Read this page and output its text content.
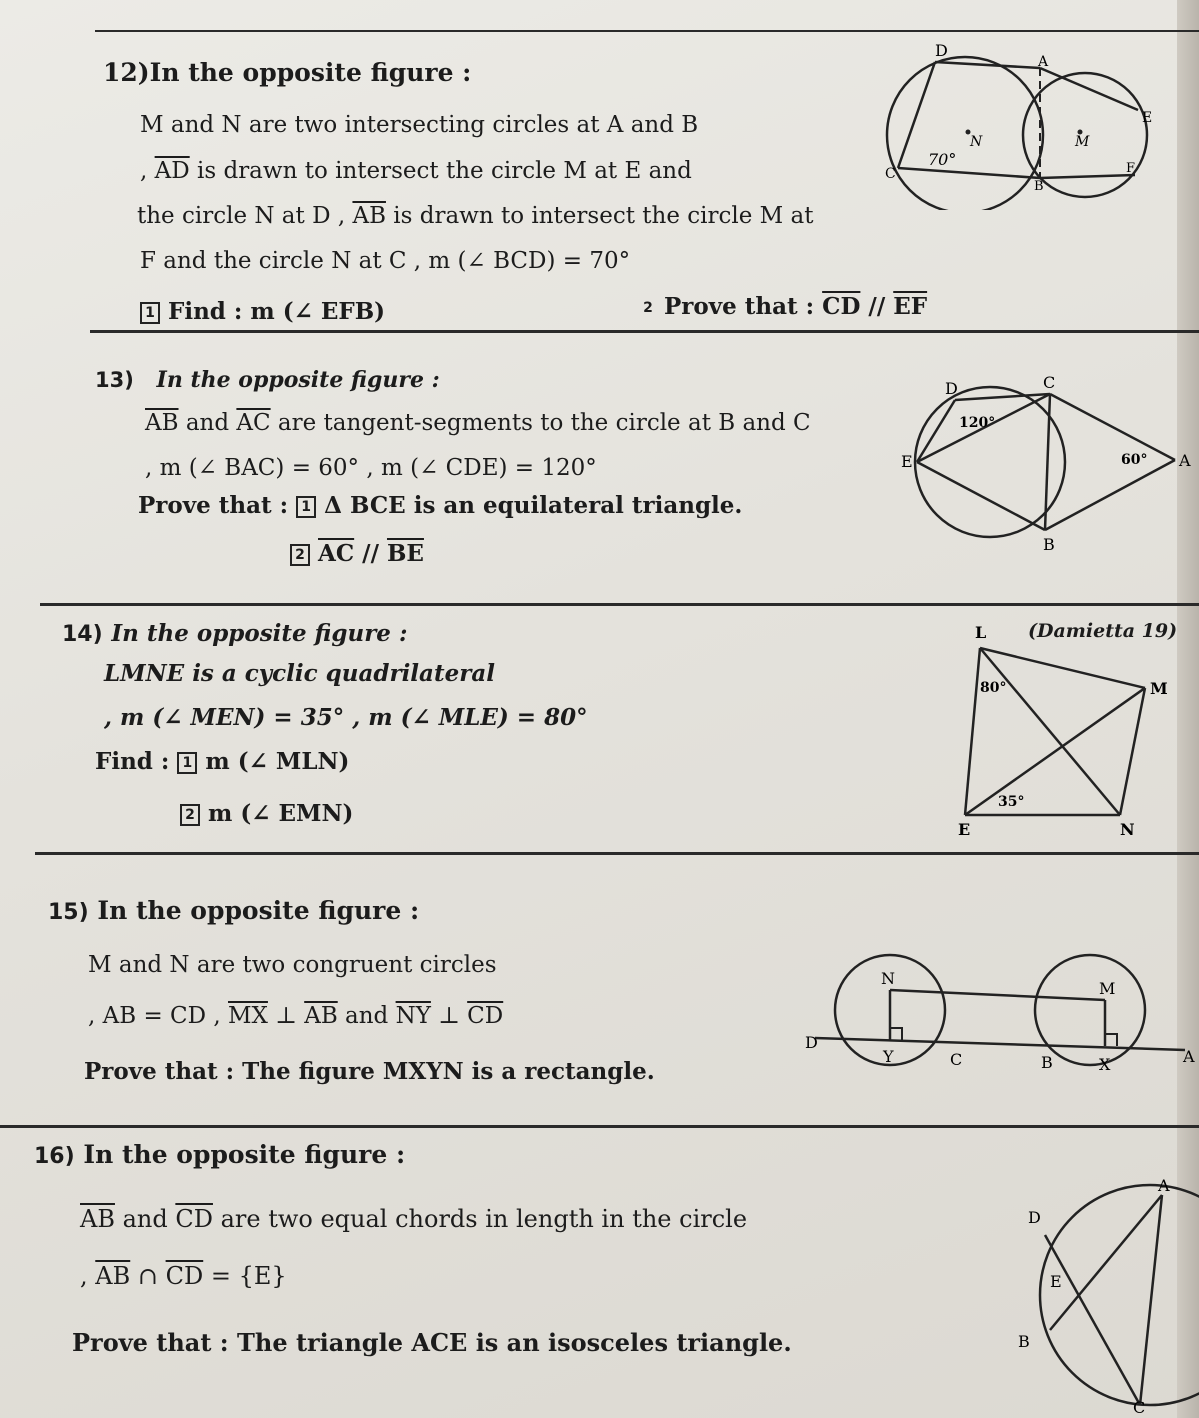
12)In the opposite figure :
M and N are two intersecting circles at A and B
, $\overline{AD}$ is drawn to intersect the circle M at E and
the circle N at D , $\overline{AB}$ is drawn to intersect the circle M at
F and the circle N at C , m (∠ BCD) = 70°
1 Find : m (∠ EFB)	2 Prove that : $\overline{CD} // \overline{EF}$
D
A
E
N	M
C
B
F
70°
13) In the opposite figure :
$\overline{AB}$ and $\overline{AC}$ are tangent-segments to the circle at B and C
, m (∠ BAC) = 60° , m (∠ CDE) = 120°
Prove that : 1 Δ BCE is an equilateral triangle.
2 $\overline{AC} // \overline{BE}$
D	C
E	A
B
120°
60°
14) In the opposite figure :
LMNE is a cyclic quadrilateral
, m (∠ MEN) = 35° , m (∠ MLE) = 80°
Find : 1 m (∠ MLN)
2 m (∠ EMN)
(Damietta 19)
L
M
E	N
80°
35°
15) In the opposite figure :
M and N are two congruent circles
, AB = CD , $\overline{MX}$ ⊥ $\overline{AB}$ and $\overline{NY}$ ⊥ $\overline{CD}$
Prove that : The figure MXYN is a rectangle.
N
M
D
Y	C	B	X	A
16) In the opposite figure :
$\overline{AB}$ and $\overline{CD}$ are two equal chords in length in the circle
, $\overline{AB}$ ∩ $\overline{CD} = \{E\}$
Prove that : The triangle ACE is an isosceles triangle.
A
D
E
B
C
